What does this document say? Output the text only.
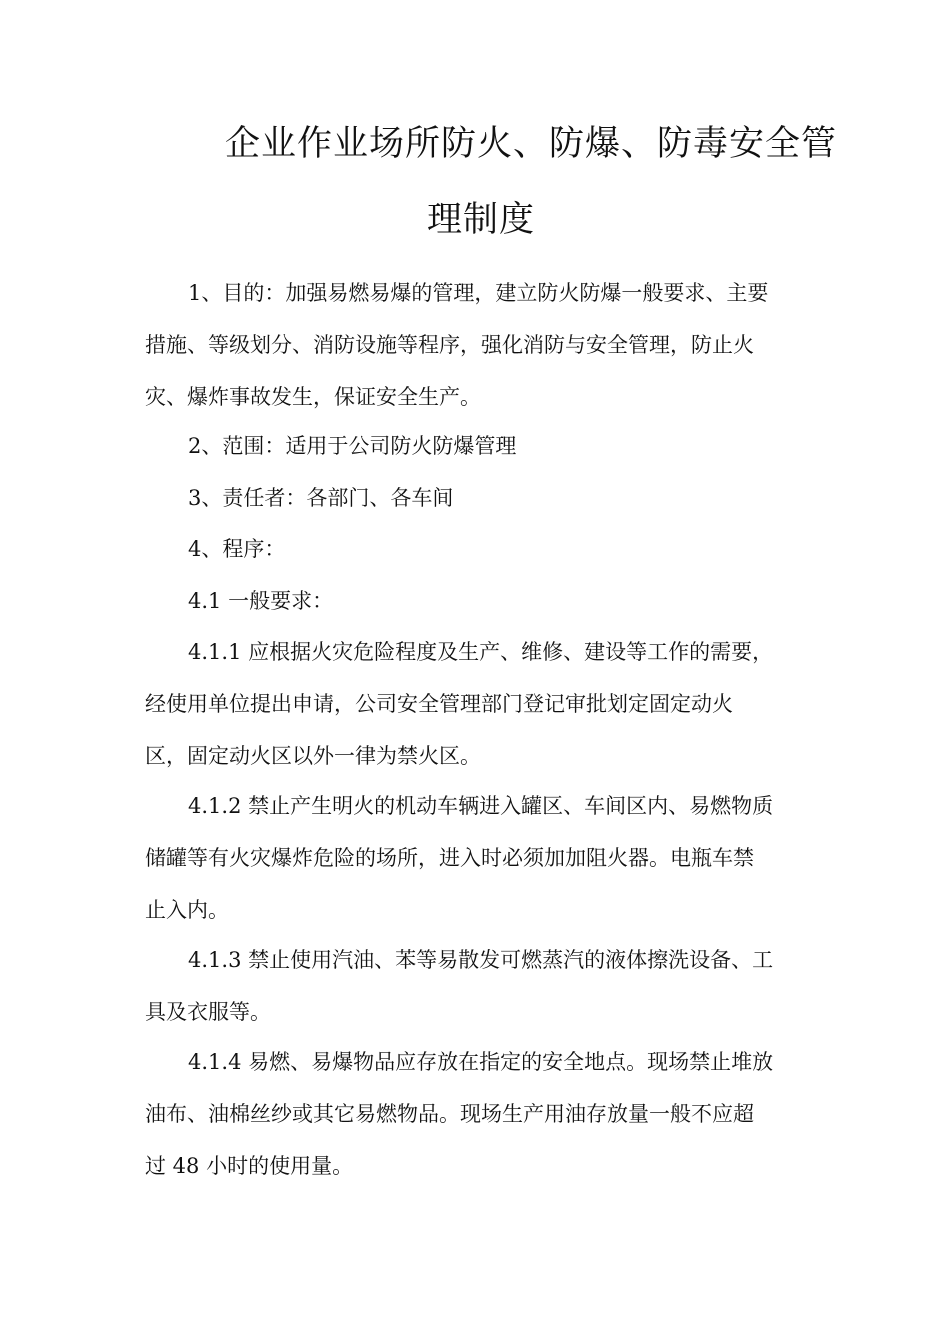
企业作业场所防火、防爆、防毒安全管
理制度
1、目的：加强易燃易爆的管理，建立防火防爆一般要求、主要
措施、等级划分、消防设施等程序，强化消防与安全管理，防止火
灾、爆炸事故发生，保证安全生产。
2、范围：适用于公司防火防爆管理
3、责任者：各部门、各车间
4、程序：
4.1 一般要求：
4.1.1 应根据火灾危险程度及生产、维修、建设等工作的需要，
经使用单位提出申请，公司安全管理部门登记审批划定固定动火
区，固定动火区以外一律为禁火区。
4.1.2 禁止产生明火的机动车辆进入罐区、车间区内、易燃物质
储罐等有火灾爆炸危险的场所，进入时必须加加阻火器。电瓶车禁
止入内。
4.1.3 禁止使用汽油、苯等易散发可燃蒸汽的液体擦洗设备、工
具及衣服等。
4.1.4 易燃、易爆物品应存放在指定的安全地点。现场禁止堆放
油布、油棉丝纱或其它易燃物品。现场生产用油存放量一般不应超
过 48 小时的使用量。
